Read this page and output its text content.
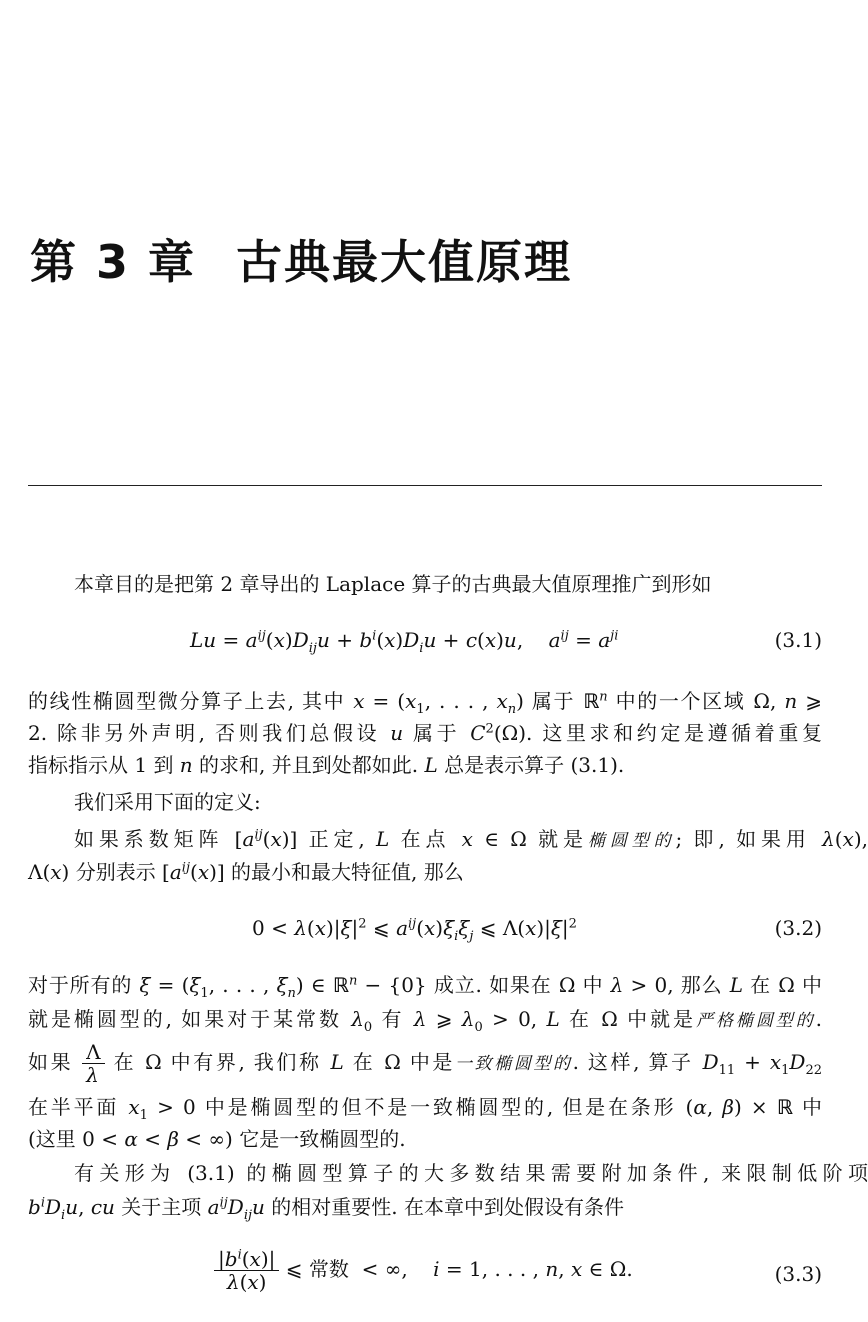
第 3 章 古典最大值原理
本章目的是把第 2 章导出的 Laplace 算子的古典最大值原理推广到形如
$Lu = a^{ij}(x)D_{ij}u + b^i(x)D_iu + c(x)u$,    $a^{ij} = a^{ji}$	(3.1)
的线性椭圆型微分算子上去, 其中 $x = (x_1$, . . . , $x_n$) 属于 ℝ$^n$ 中的一个区域 Ω, n ⩾
2. 除非另外声明, 否则我们总假设 u 属于 $C^2(\Omega)$. 这里求和约定是遵循着重复
指标指示从 1 到 n 的求和, 并且到处都如此. L 总是表示算子 (3.1).
我们采用下面的定义:
如果系数矩阵 $[a^{ij}(x)]$ 正定, L 在点 x ∈ Ω 就是椭圆型的; 即, 如果用 λ(x),
Λ(x) 分别表示 $[a^{ij}(x)]$ 的最小和最大特征值, 那么
$0 < \lambda(x)|\xi|^2$ ⩽ $a^{ij}(x)\xi_i\xi_j$ ⩽ $\Lambda(x)|\xi|^2$	(3.2)
对于所有的 $\xi = (\xi_1$, . . . , $\xi_n$) ∈ ℝ$^n$ − {0} 成立. 如果在 Ω 中 λ > 0, 那么 L 在 Ω 中
就是椭圆型的, 如果对于某常数 $\lambda_0$ 有 λ ⩾ $\lambda_0 > 0$, L 在 Ω 中就是严格椭圆型的.
如果 $\frac{\Lambda}{\lambda}$ 在 Ω 中有界, 我们称 L 在 Ω 中是一致椭圆型的. 这样, 算子 $D_{11} + x_1D_{22}$
在半平面 $x_1 > 0$ 中是椭圆型的但不是一致椭圆型的, 但是在条形 (α, β) × ℝ 中
(这里 0 < α < β < ∞) 它是一致椭圆型的.
有关形为 (3.1) 的椭圆型算子的大多数结果需要附加条件, 来限制低阶项
$b^iD_iu$, cu 关于主项 $a^{ij}D_{ij}u$ 的相对重要性. 在本章中到处假设有条件
$\frac{|b^i(x)|}{\lambda(x)}$ ⩽ 常数  < ∞,    i = 1, . . . , n, x ∈ Ω.	(3.3)
